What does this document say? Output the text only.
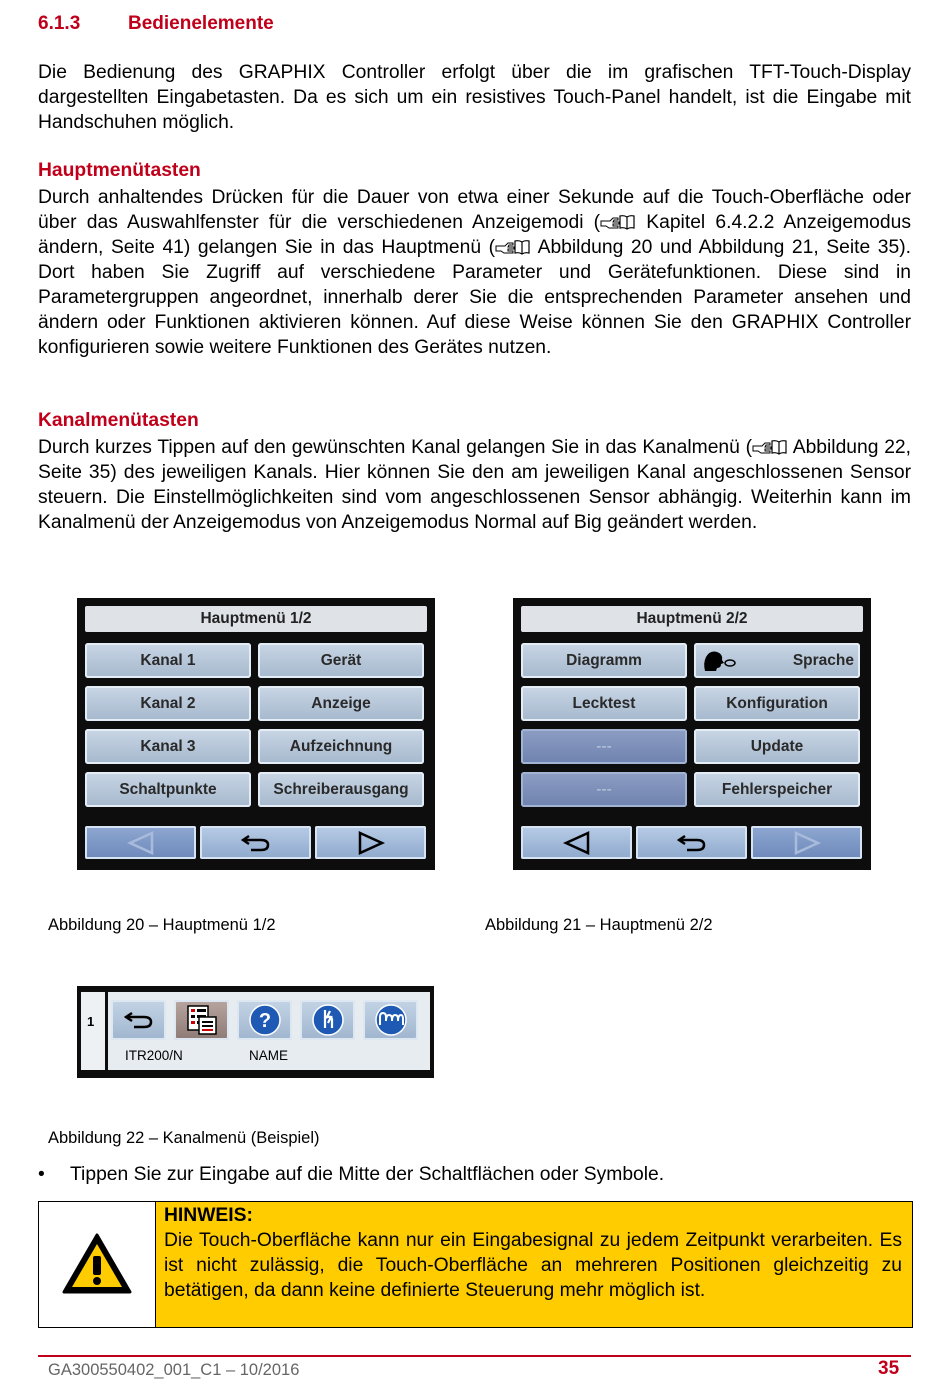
6.1.3	Bedienelemente

Die Bedienung des GRAPHIX Controller erfolgt über die im grafischen TFT-Touch-Display dargestellten Eingabetasten. Da es sich um ein resistives Touch-Panel handelt, ist die Eingabe mit Handschuhen möglich.

Hauptmenütasten

Durch anhaltendes Drücken für die Dauer von etwa einer Sekunde auf die Touch-Oberfläche oder über das Auswahlfenster für die verschiedenen Anzeigemodi ( Kapitel 6.4.2.2 Anzeigemodus ändern, Seite 41) gelangen Sie in das Hauptmenü ( Abbildung 20 und Abbildung 21, Seite 35). Dort haben Sie Zugriff auf verschiedene Parameter und Gerätefunktionen. Diese sind in Parametergruppen angeordnet, innerhalb derer Sie die entsprechenden Parameter ansehen und ändern oder Funktionen aktivieren können. Auf diese Weise können Sie den GRAPHIX Controller konfigurieren sowie weitere Funktionen des Gerätes nutzen.

Kanalmenütasten

Durch kurzes Tippen auf den gewünschten Kanal gelangen Sie in das Kanalmenü ( Abbildung 22, Seite 35) des jeweiligen Kanals. Hier können Sie den am jeweiligen Kanal angeschlossenen Sensor steuern. Die Einstellmöglichkeiten sind vom angeschlossenen Sensor abhängig. Weiterhin kann im Kanalmenü der Anzeigemodus von Anzeigemodus Normal auf Big geändert werden.

Hauptmenü 1/2
Kanal 1	Gerät
Kanal 2	Anzeige
Kanal 3	Aufzeichnung
Schaltpunkte	Schreiberausgang
Abbildung 20 – Hauptmenü 1/2
Hauptmenü 2/2
Diagramm	Sprache
Lecktest	Konfiguration
---	Update
---	Fehlerspeicher
Abbildung 21 – Hauptmenü 2/2
1	?
ITR200/N	NAME
Abbildung 22 – Kanalmenü (Beispiel)
• Tippen Sie zur Eingabe auf die Mitte der Schaltflächen oder Symbole.
HINWEIS:
Die Touch-Oberfläche kann nur ein Eingabesignal zu jedem Zeitpunkt verarbeiten. Es ist nicht zulässig, die Touch-Oberfläche an mehreren Positionen gleichzeitig zu betätigen, da dann keine definierte Steuerung mehr möglich ist.
GA300550402_001_C1 – 10/2016	35
